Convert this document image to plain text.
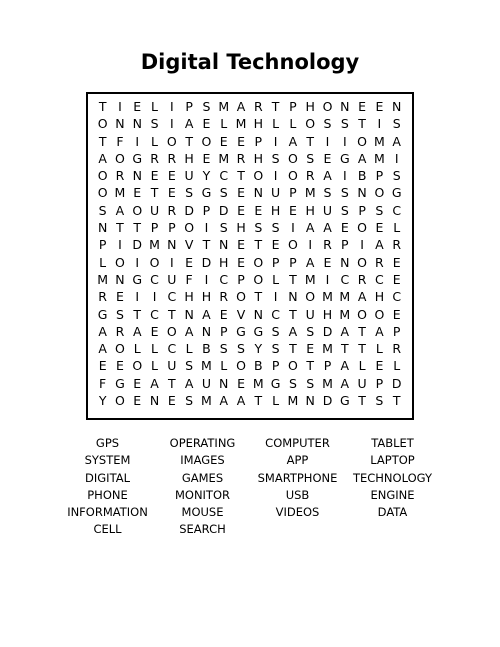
Digital Technology
T I E L I P S M A R T P H O N E E N
O N N S I A E L M H L L O S S T I S
T F I L O T O E E P I A T I	I O M A
A O G R R H E M R H S O S E G A M I
O R N E E U Y C T O I O R A I B P S
O M E T E S G S E N U P M S S N O G
S A O U R D P D E E H E H U S P S C
N T T P P O I S H S S I A A E O E L
P I D M N V T N E T E O I R P I A R
L O I O I E D H E O P P A E N O R E
M N G C U F I C P O L T M I C R C E
R E I	I C H H R O T I N O M M A H C
G S T C T N A E V N C T U H M O O E
A R A E O A N P G G S A S D A T A P
A O L L C L B S S Y S T E M T T L R
E E O L U S M L O B P O T P A L E L
F G E A T A U N E M G S S M A U P D
Y O E N E S M A A T L M N D G T S T
GPS	OPERATING	COMPUTER	TABLET
SYSTEM	IMAGES	APP	LAPTOP
DIGITAL	GAMES	SMARTPHONE	TECHNOLOGY
PHONE	MONITOR	USB	ENGINE
INFORMATION	MOUSE	VIDEOS	DATA
CELL	SEARCH
